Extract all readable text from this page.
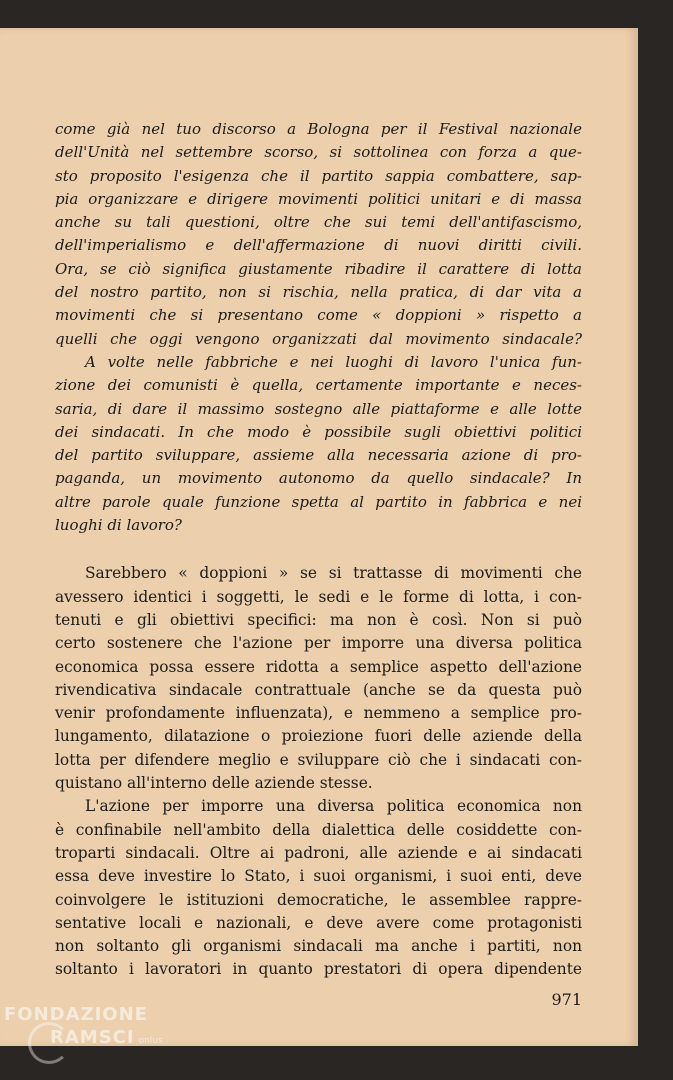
come già nel tuo discorso a Bologna per il Festival nazionale
dell'Unità nel settembre scorso, si sottolinea con forza a que-
sto proposito l'esigenza che il partito sappia combattere, sap-
pia organizzare e dirigere movimenti politici unitari e di massa
anche su tali questioni, oltre che sui temi dell'antifascismo,
dell'imperialismo e dell'affermazione di nuovi diritti civili.
Ora, se ciò significa giustamente ribadire il carattere di lotta
del nostro partito, non si rischia, nella pratica, di dar vita a
movimenti che si presentano come « doppioni » rispetto a
quelli che oggi vengono organizzati dal movimento sindacale?
A volte nelle fabbriche e nei luoghi di lavoro l'unica fun-
zione dei comunisti è quella, certamente importante e neces-
saria, di dare il massimo sostegno alle piattaforme e alle lotte
dei sindacati. In che modo è possibile sugli obiettivi politici
del partito sviluppare, assieme alla necessaria azione di pro-
paganda, un movimento autonomo da quello sindacale? In
altre parole quale funzione spetta al partito in fabbrica e nei
luoghi di lavoro?
Sarebbero « doppioni » se si trattasse di movimenti che
avessero identici i soggetti, le sedi e le forme di lotta, i con-
tenuti e gli obiettivi specifici: ma non è così. Non si può
certo sostenere che l'azione per imporre una diversa politica
economica possa essere ridotta a semplice aspetto dell'azione
rivendicativa sindacale contrattuale (anche se da questa può
venir profondamente influenzata), e nemmeno a semplice pro-
lungamento, dilatazione o proiezione fuori delle aziende della
lotta per difendere meglio e sviluppare ciò che i sindacati con-
quistano all'interno delle aziende stesse.
L'azione per imporre una diversa politica economica non
è confinabile nell'ambito della dialettica delle cosiddette con-
troparti sindacali. Oltre ai padroni, alle aziende e ai sindacati
essa deve investire lo Stato, i suoi organismi, i suoi enti, deve
coinvolgere le istituzioni democratiche, le assemblee rappre-
sentative locali e nazionali, e deve avere come protagonisti
non soltanto gli organismi sindacali ma anche i partiti, non
soltanto i lavoratori in quanto prestatori di opera dipendente
971
FONDAZIONE
RAMSCI onlus
